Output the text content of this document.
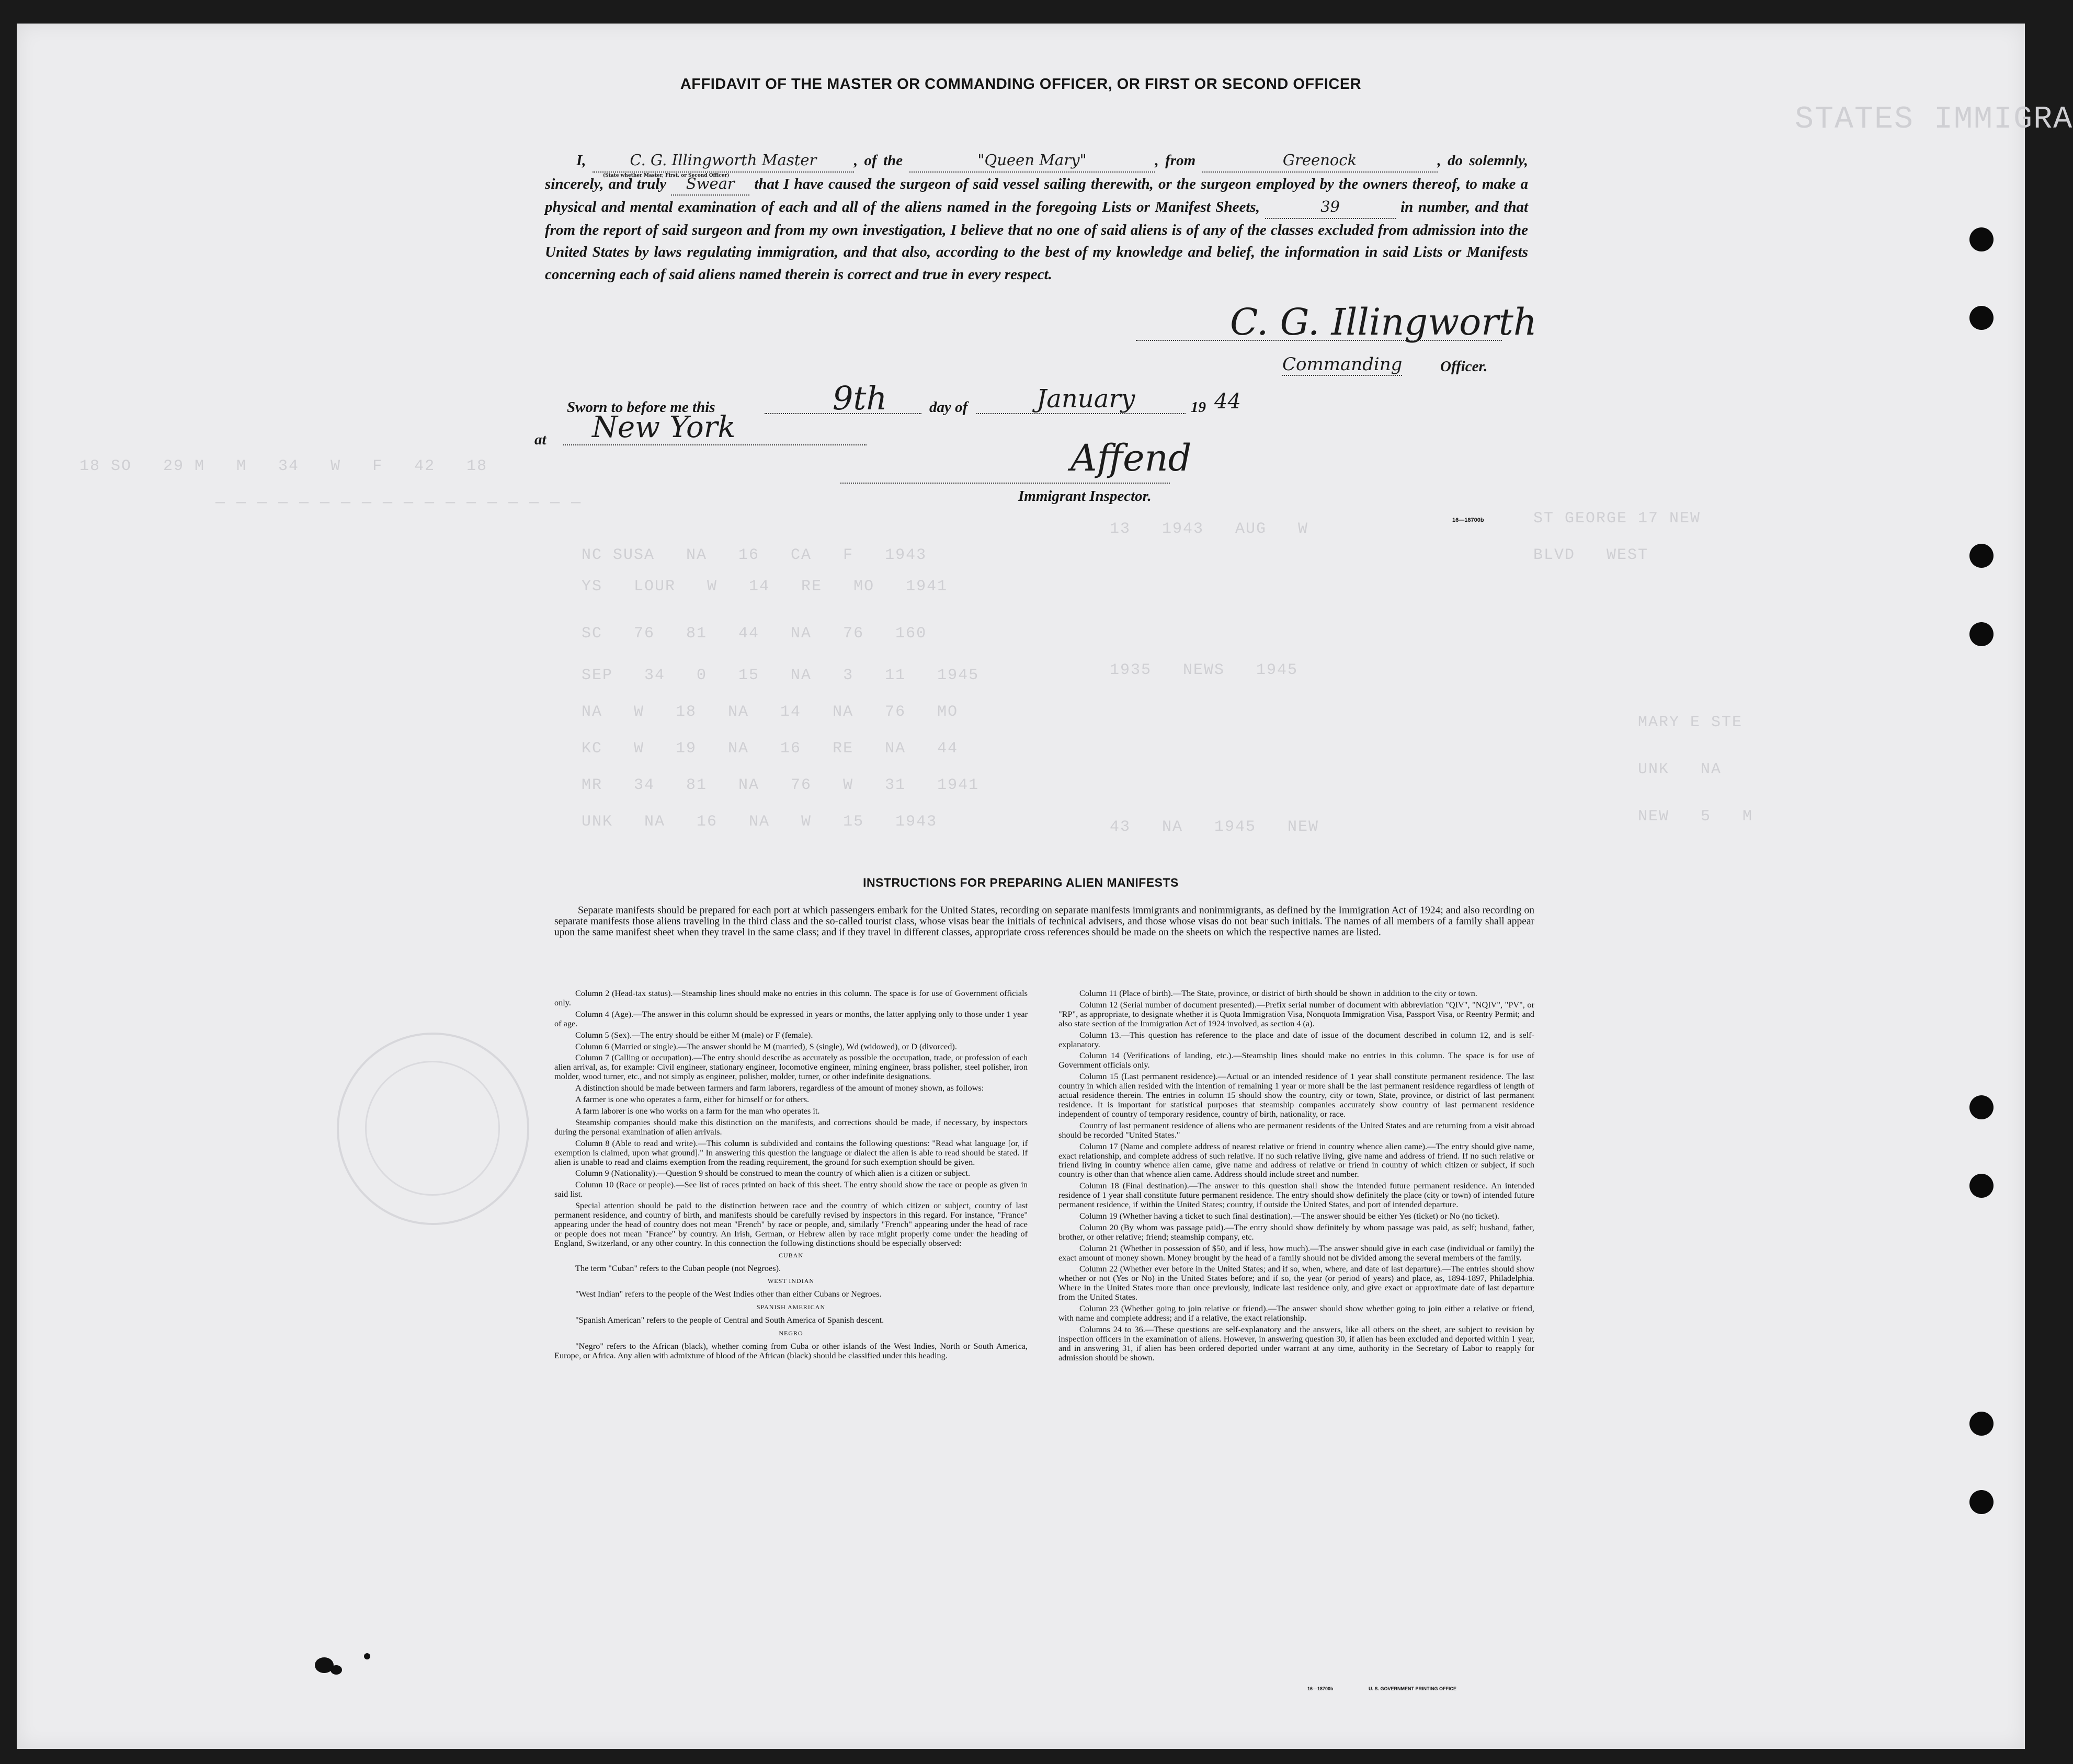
18 SO   29 M   M   34   W   F   42   18
— — — — — — — — — — — — — — — — — —
NC SUSA   NA   16   CA   F   1943
YS   LOUR   W   14   RE   MO   1941
SC   76   81   44   NA   76   160
SEP   34   0   15   NA   3   11   1945
NA   W   18   NA   14   NA   76   MO
KC   W   19   NA   16   RE   NA   44
MR   34   81   NA   76   W   31   1941
UNK   NA   16   NA   W   15   1943
13   1943   AUG   W
1935   NEWS   1945
43   NA   1945   NEW
ST GEORGE 17 NEW
BLVD   WEST
MARY E STE
UNK   NA
NEW   5   M
STATES IMMIGRA
AFFIDAVIT OF THE MASTER OR COMMANDING OFFICER, OR FIRST OR SECOND OFFICER
I,	C. G. Illingworth Master
(State whether Master, First, or Second Officer)
, of the	"Queen Mary"	, from	Greenock	, do solemnly, sincerely, and truly Swear that I have caused the surgeon of said vessel sailing therewith, or the surgeon employed by the owners thereof, to make a physical and mental examination of each and all of the aliens named in the foregoing Lists or Manifest Sheets,	39	in number, and that from the report of said surgeon and from my own investigation, I believe that no one of said aliens is of any of the classes excluded from admission into the United States by laws regulating immigration, and that also, according to the best of my knowledge and belief, the information in said Lists or Manifests concerning each of said aliens named therein is correct and true in every respect.
C. G. Illingworth
Commanding	Officer.
Sworn to before me this	9th	day of	January	19 44
at New York
Affend
Immigrant Inspector.
16—18700b
INSTRUCTIONS FOR PREPARING ALIEN MANIFESTS
Separate manifests should be prepared for each port at which passengers embark for the United States, recording on separate manifests immigrants and nonimmigrants, as defined by the Immigration Act of 1924; and also recording on separate manifests those aliens traveling in the third class and the so-called tourist class, whose visas bear the initials of technical advisers, and those whose visas do not bear such initials. The names of all members of a family shall appear upon the same manifest sheet when they travel in the same class; and if they travel in different classes, appropriate cross references should be made on the sheets on which the respective names are listed.

Column 2 (Head-tax status).—Steamship lines should make no entries in this column. The space is for use of Government officials only.

Column 4 (Age).—The answer in this column should be expressed in years or months, the latter applying only to those under 1 year of age.

Column 5 (Sex).—The entry should be either M (male) or F (female).

Column 6 (Married or single).—The answer should be M (married), S (single), Wd (widowed), or D (divorced).

Column 7 (Calling or occupation).—The entry should describe as accurately as possible the occupation, trade, or profession of each alien arrival, as, for example: Civil engineer, stationary engineer, locomotive engineer, mining engineer, brass polisher, steel polisher, iron molder, wood turner, etc., and not simply as engineer, polisher, molder, turner, or other indefinite designations.

A distinction should be made between farmers and farm laborers, regardless of the amount of money shown, as follows:

A farmer is one who operates a farm, either for himself or for others.

A farm laborer is one who works on a farm for the man who operates it.

Steamship companies should make this distinction on the manifests, and corrections should be made, if necessary, by inspectors during the personal examination of alien arrivals.

Column 8 (Able to read and write).—This column is subdivided and contains the following questions: "Read what language [or, if exemption is claimed, upon what ground]." In answering this question the language or dialect the alien is able to read should be stated. If alien is unable to read and claims exemption from the reading requirement, the ground for such exemption should be given.

Column 9 (Nationality).—Question 9 should be construed to mean the country of which alien is a citizen or subject.

Column 10 (Race or people).—See list of races printed on back of this sheet. The entry should show the race or people as given in said list.

Special attention should be paid to the distinction between race and the country of which citizen or subject, country of last permanent residence, and country of birth, and manifests should be carefully revised by inspectors in this regard. For instance, "France" appearing under the head of country does not mean "French" by race or people, and, similarly "French" appearing under the head of race or people does not mean "France" by country. An Irish, German, or Hebrew alien by race might properly come under the heading of England, Switzerland, or any other country. In this connection the following distinctions should be especially observed:

CUBAN

The term "Cuban" refers to the Cuban people (not Negroes).

WEST INDIAN

"West Indian" refers to the people of the West Indies other than either Cubans or Negroes.

SPANISH AMERICAN

"Spanish American" refers to the people of Central and South America of Spanish descent.

NEGRO

"Negro" refers to the African (black), whether coming from Cuba or other islands of the West Indies, North or South America, Europe, or Africa. Any alien with admixture of blood of the African (black) should be classified under this heading.

Column 11 (Place of birth).—The State, province, or district of birth should be shown in addition to the city or town.

Column 12 (Serial number of document presented).—Prefix serial number of document with abbreviation "QIV", "NQIV", "PV", or "RP", as appropriate, to designate whether it is Quota Immigration Visa, Nonquota Immigration Visa, Passport Visa, or Reentry Permit; and also state section of the Immigration Act of 1924 involved, as section 4 (a).

Column 13.—This question has reference to the place and date of issue of the document described in column 12, and is self-explanatory.

Column 14 (Verifications of landing, etc.).—Steamship lines should make no entries in this column. The space is for use of Government officials only.

Column 15 (Last permanent residence).—Actual or an intended residence of 1 year shall constitute permanent residence. The last country in which alien resided with the intention of remaining 1 year or more shall be the last permanent residence regardless of length of actual residence therein. The entries in column 15 should show the country, city or town, State, province, or district of last permanent residence. It is important for statistical purposes that steamship companies accurately show country of last permanent residence independent of country of temporary residence, country of birth, nationality, or race.

Country of last permanent residence of aliens who are permanent residents of the United States and are returning from a visit abroad should be recorded "United States."

Column 17 (Name and complete address of nearest relative or friend in country whence alien came).—The entry should give name, exact relationship, and complete address of such relative. If no such relative living, give name and address of friend. If no such relative or friend living in country whence alien came, give name and address of relative or friend in country of which citizen or subject, if such country is other than that whence alien came. Address should include street and number.

Column 18 (Final destination).—The answer to this question shall show the intended future permanent residence. An intended residence of 1 year shall constitute future permanent residence. The entry should show definitely the place (city or town) of intended future permanent residence, if within the United States; country, if outside the United States, and port of intended departure.

Column 19 (Whether having a ticket to such final destination).—The answer should be either Yes (ticket) or No (no ticket).

Column 20 (By whom was passage paid).—The entry should show definitely by whom passage was paid, as self; husband, father, brother, or other relative; friend; steamship company, etc.

Column 21 (Whether in possession of $50, and if less, how much).—The answer should give in each case (individual or family) the exact amount of money shown. Money brought by the head of a family should not be divided among the several members of the family.

Column 22 (Whether ever before in the United States; and if so, when, where, and date of last departure).—The entries should show whether or not (Yes or No) in the United States before; and if so, the year (or period of years) and place, as, 1894-1897, Philadelphia. Where in the United States more than once previously, indicate last residence only, and give exact or approximate date of last departure from the United States.

Column 23 (Whether going to join relative or friend).—The answer should show whether going to join either a relative or friend, with name and complete address; and if a relative, the exact relationship.

Columns 24 to 36.—These questions are self-explanatory and the answers, like all others on the sheet, are subject to revision by inspection officers in the examination of aliens. However, in answering question 30, if alien has been excluded and deported within 1 year, and in answering 31, if alien has been ordered deported under warrant at any time, authority in the Secretary of Labor to reapply for admission should be shown.

16—18700b	U. S. GOVERNMENT PRINTING OFFICE
